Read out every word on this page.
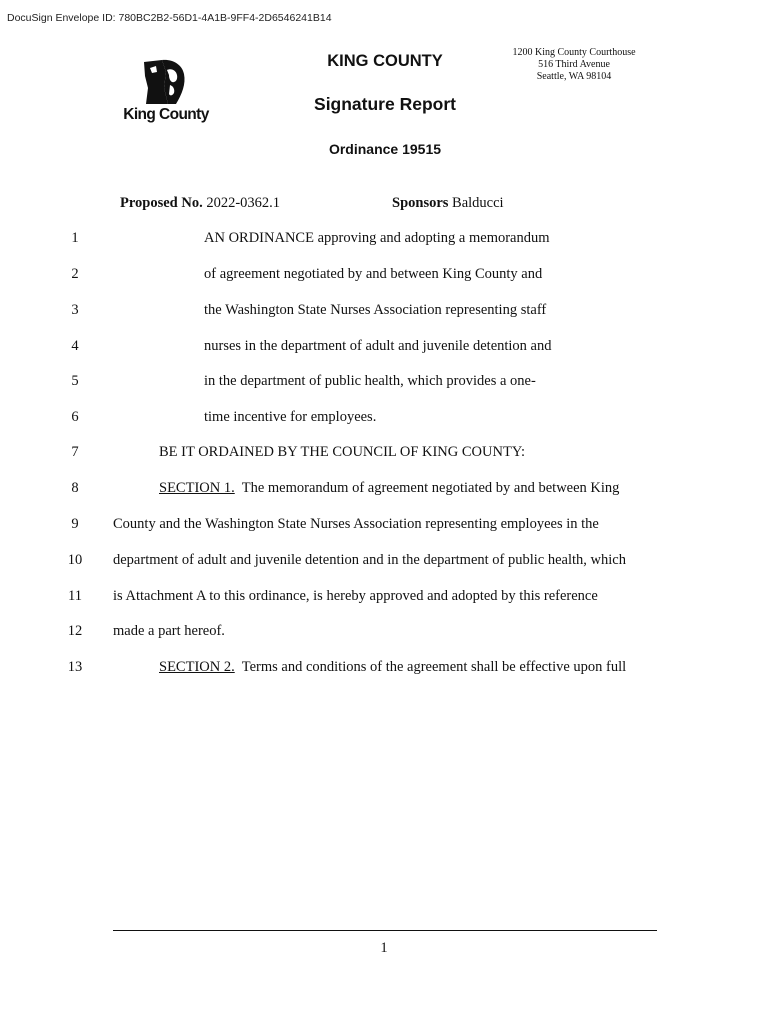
DocuSign Envelope ID: 780BC2B2-56D1-4A1B-9FF4-2D6546241B14
King County
KING COUNTY	1200 King County Courthouse
516 Third Avenue
Seattle, WA 98104
Signature Report
Ordinance 19515
Proposed No. 2022-0362.1	Sponsors Balducci
1	AN ORDINANCE approving and adopting a memorandum
2	of agreement negotiated by and between King County and
3	the Washington State Nurses Association representing staff
4	nurses in the department of adult and juvenile detention and
5	in the department of public health, which provides a one-
6	time incentive for employees.
7	BE IT ORDAINED BY THE COUNCIL OF KING COUNTY:
8	SECTION 1. The memorandum of agreement negotiated by and between King
9	County and the Washington State Nurses Association representing employees in the
10	department of adult and juvenile detention and in the department of public health, which
11	is Attachment A to this ordinance, is hereby approved and adopted by this reference
12	made a part hereof.
13	SECTION 2. Terms and conditions of the agreement shall be effective upon full
1
